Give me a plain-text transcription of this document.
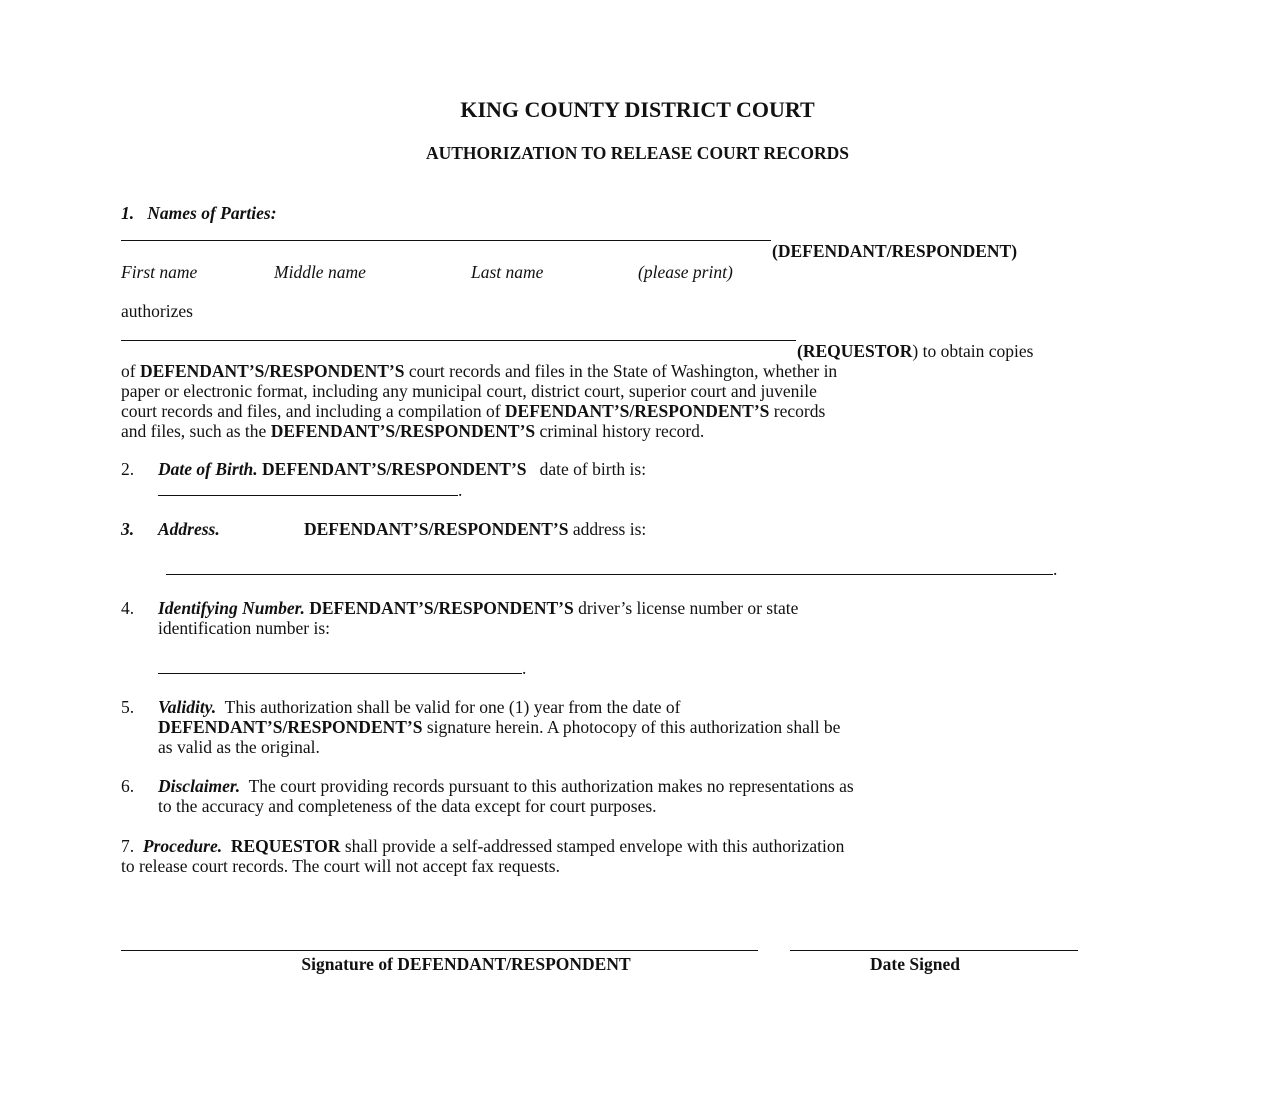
KING COUNTY DISTRICT COURT
AUTHORIZATION TO RELEASE COURT RECORDS
1. Names of Parties:
(DEFENDANT/RESPONDENT)
First name	Middle name	Last name	(please print)
authorizes
(REQUESTOR) to obtain copies
of DEFENDANT’S/RESPONDENT’S court records and files in the State of Washington, whether in
paper or electronic format, including any municipal court, district court, superior court and juvenile
court records and files, and including a compilation of DEFENDANT’S/RESPONDENT’S records
and files, such as the DEFENDANT’S/RESPONDENT’S criminal history record.
2. Date of Birth. DEFENDANT’S/RESPONDENT’S date of birth is:
.
3. Address.	DEFENDANT’S/RESPONDENT’S address is:
.
4. Identifying Number. DEFENDANT’S/RESPONDENT’S driver’s license number or state
identification number is:
.
5. Validity. This authorization shall be valid for one (1) year from the date of
DEFENDANT’S/RESPONDENT’S signature herein. A photocopy of this authorization shall be
as valid as the original.
6. Disclaimer. The court providing records pursuant to this authorization makes no representations as
to the accuracy and completeness of the data except for court purposes.
7. Procedure. REQUESTOR shall provide a self-addressed stamped envelope with this authorization
to release court records. The court will not accept fax requests.
Signature of DEFENDANT/RESPONDENT	Date Signed
